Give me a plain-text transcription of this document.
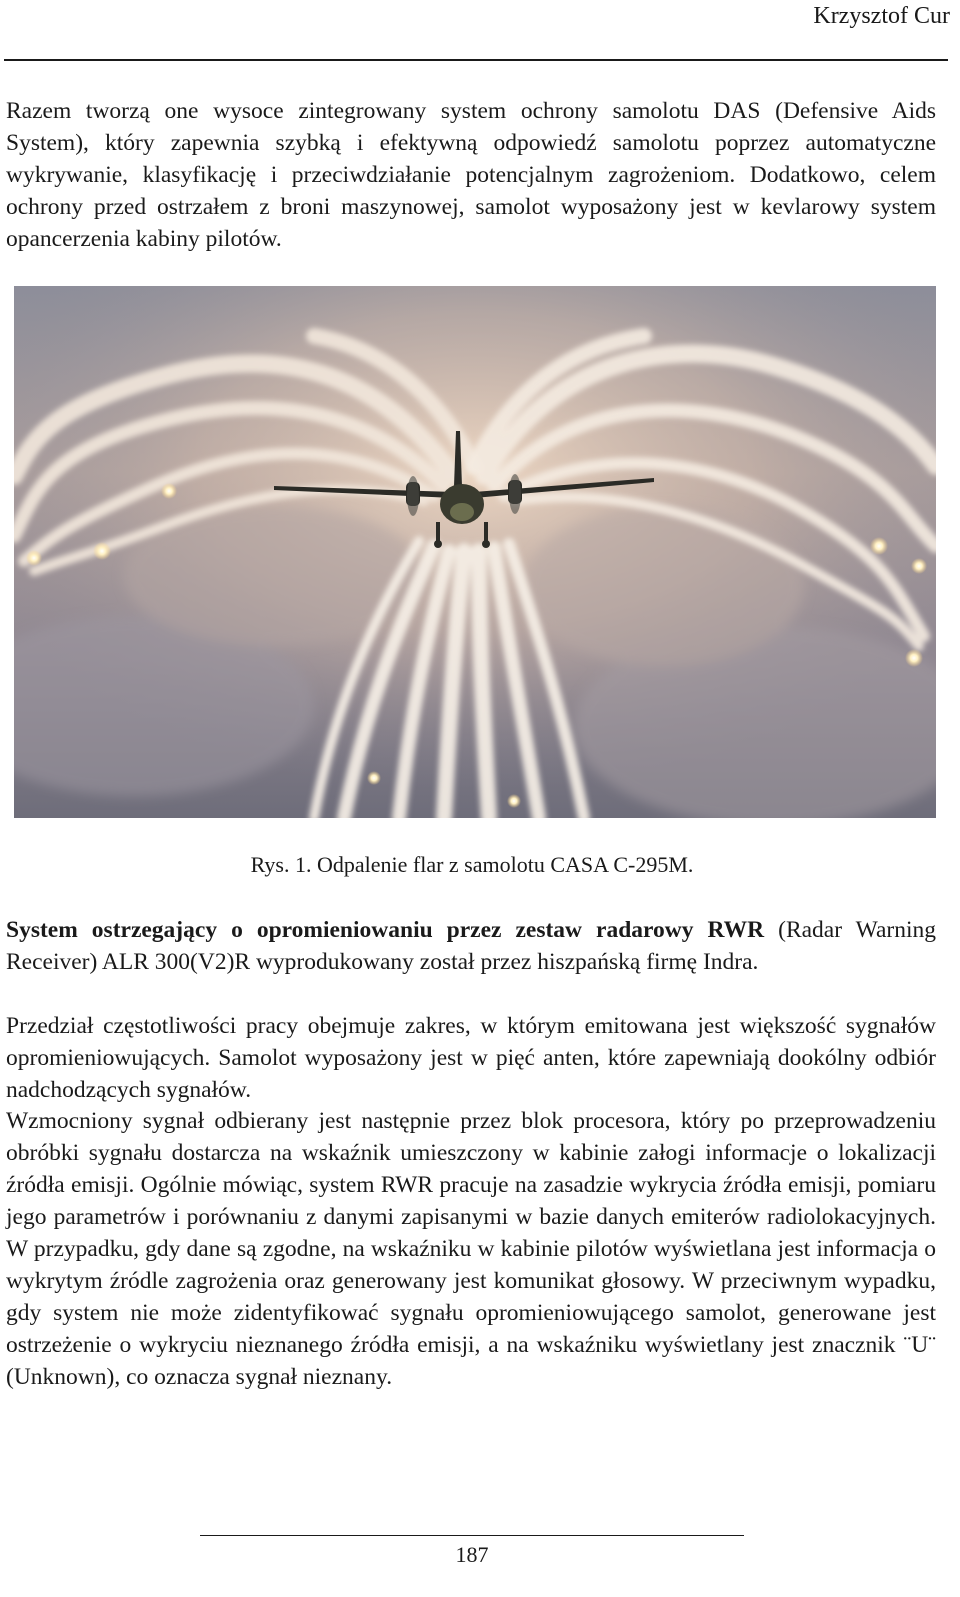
Krzysztof Cur

Razem tworzą one wysoce zintegrowany system ochrony samolotu DAS (Defensive Aids System), który zapewnia szybką i efektywną odpowiedź samolotu poprzez automatyczne wykrywanie, klasyfikację i przeciwdziałanie potencjalnym zagrożeniom. Dodatkowo, celem ochrony przed ostrzałem z broni maszynowej, samolot wyposażony jest w kevlarowy system opancerzenia kabiny pilotów.

Rys. 1. Odpalenie flar z samolotu CASA C-295M.

System ostrzegający o opromieniowaniu przez zestaw radarowy RWR (Radar Warning Receiver) ALR 300(V2)R wyprodukowany został przez hiszpańską firmę Indra.

Przedział częstotliwości pracy obejmuje zakres, w którym emitowana jest większość sygnałów opromieniowujących. Samolot wyposażony jest w pięć anten, które zapewniają dookólny odbiór nadchodzących sygnałów.

Wzmocniony sygnał odbierany jest następnie przez blok procesora, który po przeprowadzeniu obróbki sygnału dostarcza na wskaźnik umieszczony w kabinie załogi informacje o lokalizacji źródła emisji. Ogólnie mówiąc, system RWR pracuje na zasadzie wykrycia źródła emisji, pomiaru jego parametrów i porównaniu z danymi zapisanymi w bazie danych emiterów radiolokacyjnych. W przypadku, gdy dane są zgodne, na wskaźniku w kabinie pilotów wyświetlana jest informacja o wykrytym źródle zagrożenia oraz generowany jest komunikat głosowy. W przeciwnym wypadku, gdy system nie może zidentyfikować sygnału opromieniowującego samolot, generowane jest ostrzeżenie o wykryciu nieznanego źródła emisji, a na wskaźniku wyświetlany jest znacznik ¨U¨ (Unknown), co oznacza sygnał nieznany.

187
